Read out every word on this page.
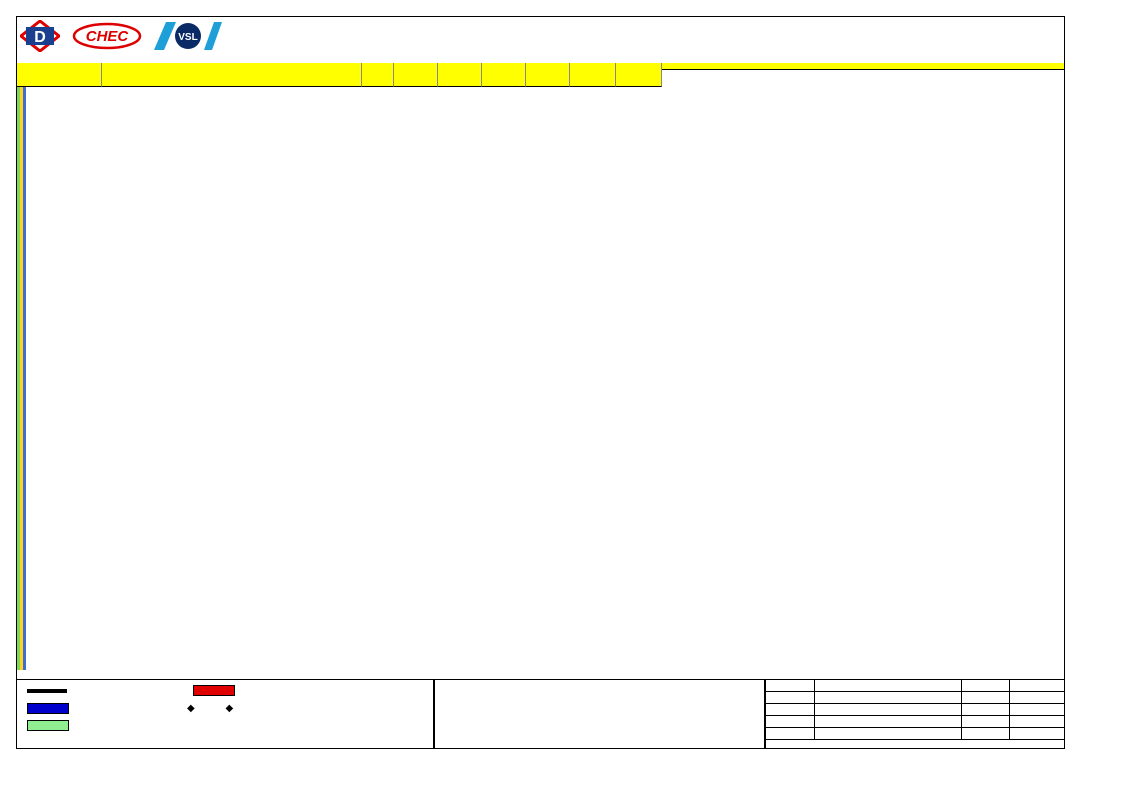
D	CHEC	VSL
◆	◆
